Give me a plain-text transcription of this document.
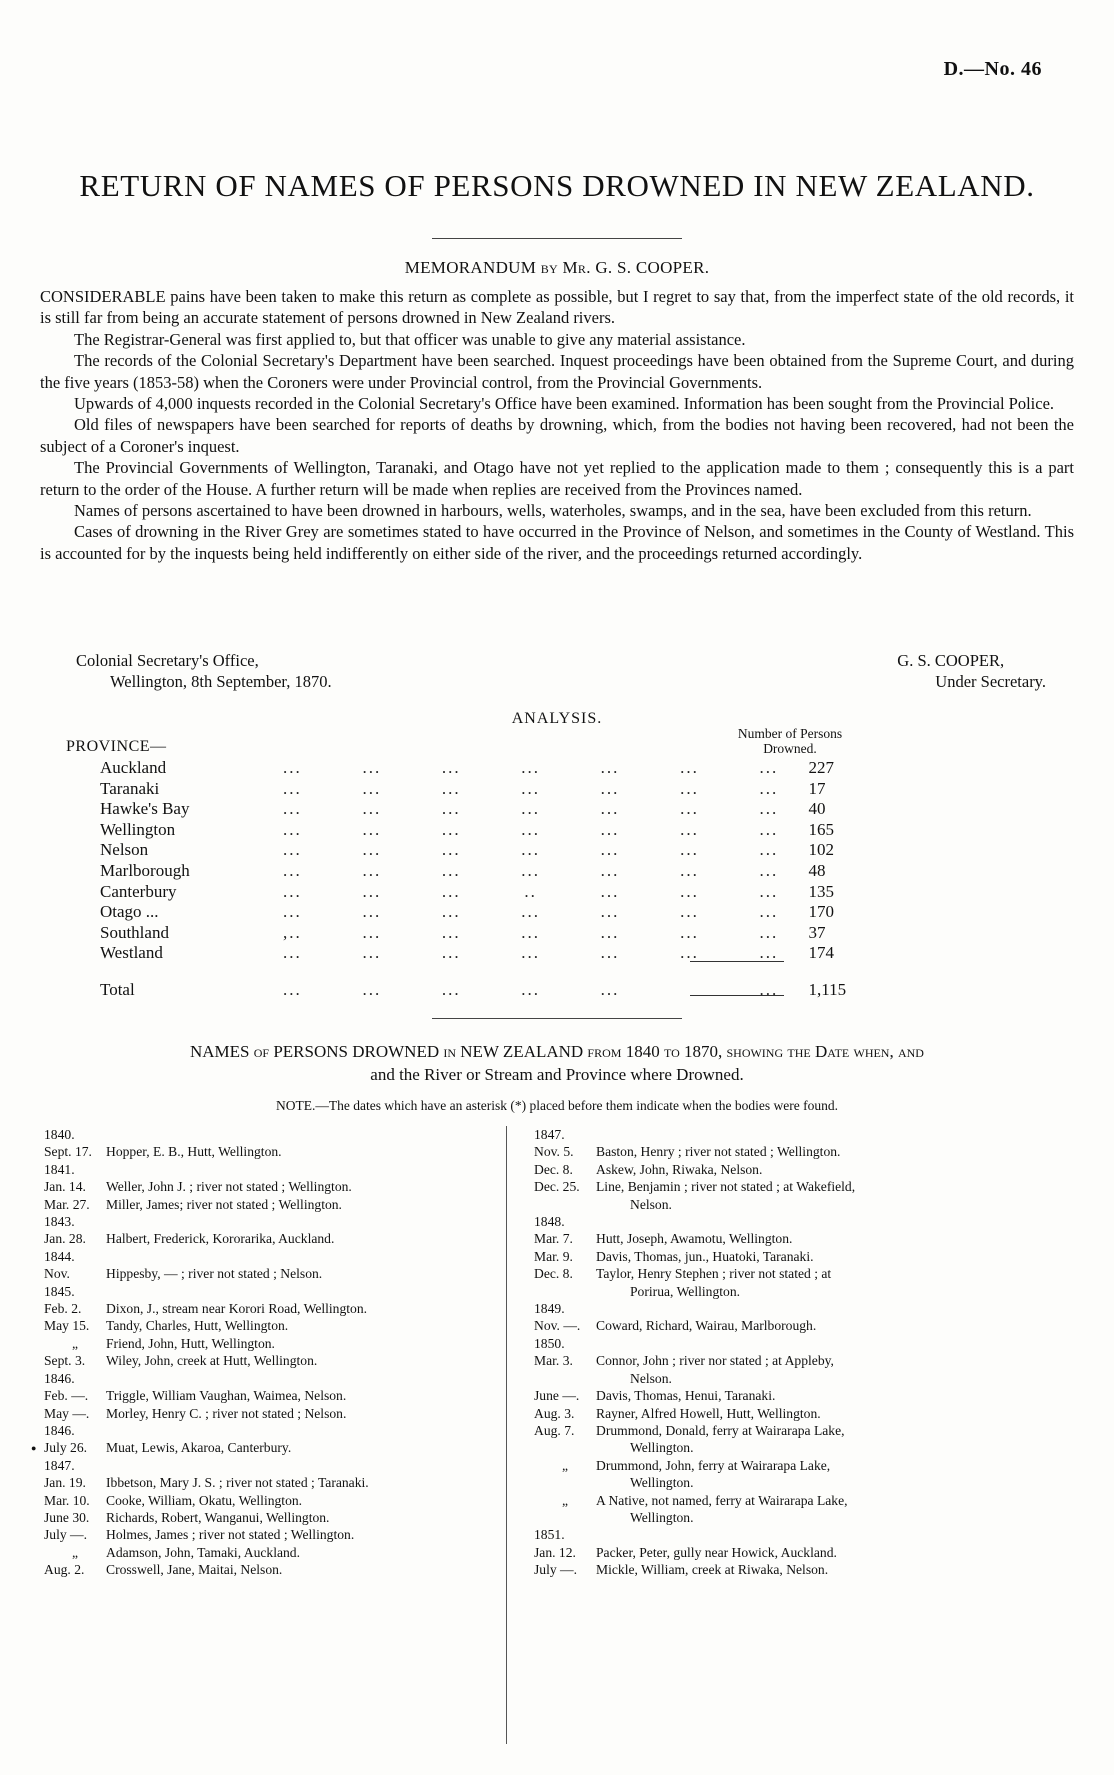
D.—No. 46
RETURN OF NAMES OF PERSONS DROWNED IN NEW ZEALAND.
MEMORANDUM by Mr. G. S. COOPER.

CONSIDERABLE pains have been taken to make this return as complete as possible, but I regret to say that, from the imperfect state of the old records, it is still far from being an accurate statement of persons drowned in New Zealand rivers.

The Registrar-General was first applied to, but that officer was unable to give any material assistance.

The records of the Colonial Secretary's Department have been searched. Inquest proceedings have been obtained from the Supreme Court, and during the five years (1853-58) when the Coroners were under Provincial control, from the Provincial Governments.

Upwards of 4,000 inquests recorded in the Colonial Secretary's Office have been examined. Information has been sought from the Provincial Police.

Old files of newspapers have been searched for reports of deaths by drowning, which, from the bodies not having been recovered, had not been the subject of a Coroner's inquest.

The Provincial Governments of Wellington, Taranaki, and Otago have not yet replied to the application made to them ; consequently this is a part return to the order of the House. A further return will be made when replies are received from the Provinces named.

Names of persons ascertained to have been drowned in harbours, wells, waterholes, swamps, and in the sea, have been excluded from this return.

Cases of drowning in the River Grey are sometimes stated to have occurred in the Province of Nelson, and sometimes in the County of Westland. This is accounted for by the inquests being held indifferently on either side of the river, and the proceedings returned accordingly.

Colonial Secretary's Office,
Wellington, 8th September, 1870.
G. S. COOPER,
Under Secretary.
ANALYSIS.
Number of Persons
Drowned.
PROVINCE—
Auckland	...	...	...	...	...	...	...	227
Taranaki	...	...	...	...	...	...	...	17
Hawke's Bay	...	...	...	...	...	...	...	40
Wellington	...	...	...	...	...	...	...	165
Nelson	...	...	...	...	...	...	...	102
Marlborough	...	...	...	...	...	...	...	48
Canterbury	...	...	...	..	...	...	...	135
Otago ...	...	...	...	...	...	...	...	170
Southland	,..	...	...	...	...	...	...	37
Westland	...	...	...	...	...	...	...	174
Total	...	...	...	...	...		...	1,115
NAMES of PERSONS DROWNED in NEW ZEALAND from 1840 to 1870, showing the Date when, and
and the River or Stream and Province where Drowned.
NOTE.—The dates which have an asterisk (*) placed before them indicate when the bodies were found.
1840.
Sept. 17.	Hopper, E. B., Hutt, Wellington.
1841.
Jan. 14.	Weller, John J. ; river not stated ; Wellington.
Mar. 27.	Miller, James; river not stated ; Wellington.
1843.
Jan. 28.	Halbert, Frederick, Kororarika, Auckland.
1844.
Nov.	Hippesby, — ; river not stated ; Nelson.
1845.
Feb. 2.	Dixon, J., stream near Korori Road, Wellington.
May 15.	Tandy, Charles, Hutt, Wellington.
„	Friend, John, Hutt, Wellington.
Sept. 3.	Wiley, John, creek at Hutt, Wellington.
1846.
Feb. —.	Triggle, William Vaughan, Waimea, Nelson.
May —.	Morley, Henry C. ; river not stated ; Nelson.
1846.
● July 26.	Muat, Lewis, Akaroa, Canterbury.
1847.
Jan. 19.	Ibbetson, Mary J. S. ; river not stated ; Taranaki.
Mar. 10.	Cooke, William, Okatu, Wellington.
June 30.	Richards, Robert, Wanganui, Wellington.
July —.	Holmes, James ; river not stated ; Wellington.
„	Adamson, John, Tamaki, Auckland.
Aug. 2.	Crosswell, Jane, Maitai, Nelson.
1847.
Nov. 5.	Baston, Henry ; river not stated ; Wellington.
Dec. 8.	Askew, John, Riwaka, Nelson.
Dec. 25.	Line, Benjamin ; river not stated ; at Wakefield,
Nelson.
1848.
Mar. 7.	Hutt, Joseph, Awamotu, Wellington.
Mar. 9.	Davis, Thomas, jun., Huatoki, Taranaki.
Dec. 8.	Taylor, Henry Stephen ; river not stated ; at
Porirua, Wellington.
1849.
Nov. —.	Coward, Richard, Wairau, Marlborough.
1850.
Mar. 3.	Connor, John ; river nor stated ; at Appleby,
Nelson.
June —.	Davis, Thomas, Henui, Taranaki.
Aug. 3.	Rayner, Alfred Howell, Hutt, Wellington.
Aug. 7.	Drummond, Donald, ferry at Wairarapa Lake,
Wellington.
„	Drummond, John, ferry at Wairarapa Lake,
Wellington.
„	A Native, not named, ferry at Wairarapa Lake,
Wellington.
1851.
Jan. 12.	Packer, Peter, gully near Howick, Auckland.
July —.	Mickle, William, creek at Riwaka, Nelson.
